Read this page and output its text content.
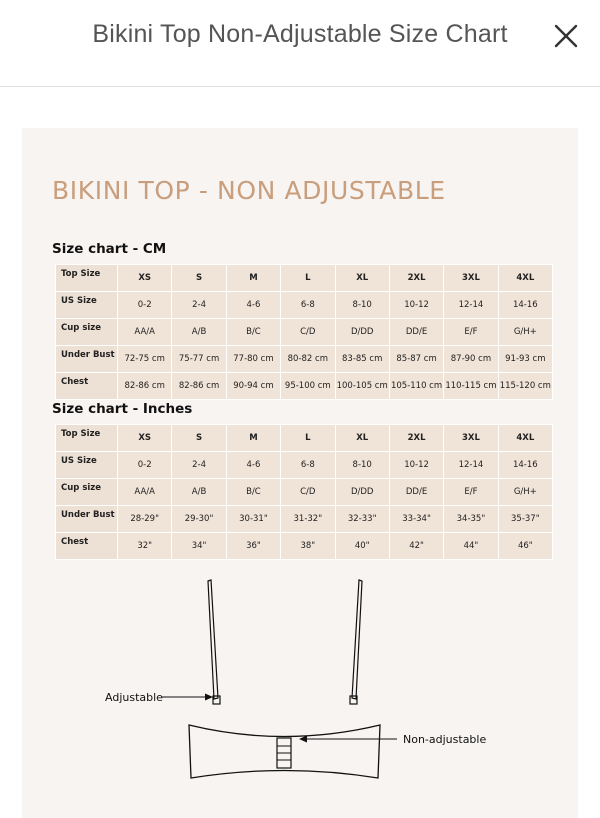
Bikini Top Non-Adjustable Size Chart
BIKINI TOP - NON ADJUSTABLE
Size chart - CM
Top Size	XS	S	M	L	XL	2XL	3XL	4XL
US Size	0-2	2-4	4-6	6-8	8-10	10-12	12-14	14-16
Cup size	AA/A	A/B	B/C	C/D	D/DD	DD/E	E/F	G/H+
Under Bust	72-75 cm	75-77 cm	77-80 cm	80-82 cm	83-85 cm	85-87 cm	87-90 cm	91-93 cm
Chest	82-86 cm	82-86 cm	90-94 cm	95-100 cm	100-105 cm	105-110 cm	110-115 cm	115-120 cm
Size chart - Inches
Top Size	XS	S	M	L	XL	2XL	3XL	4XL
US Size	0-2	2-4	4-6	6-8	8-10	10-12	12-14	14-16
Cup size	AA/A	A/B	B/C	C/D	D/DD	DD/E	E/F	G/H+
Under Bust	28-29"	29-30"	30-31"	31-32"	32-33"	33-34"	34-35"	35-37"
Chest	32"	34"	36"	38"	40"	42"	44"	46"
Adjustable
Non-adjustable
